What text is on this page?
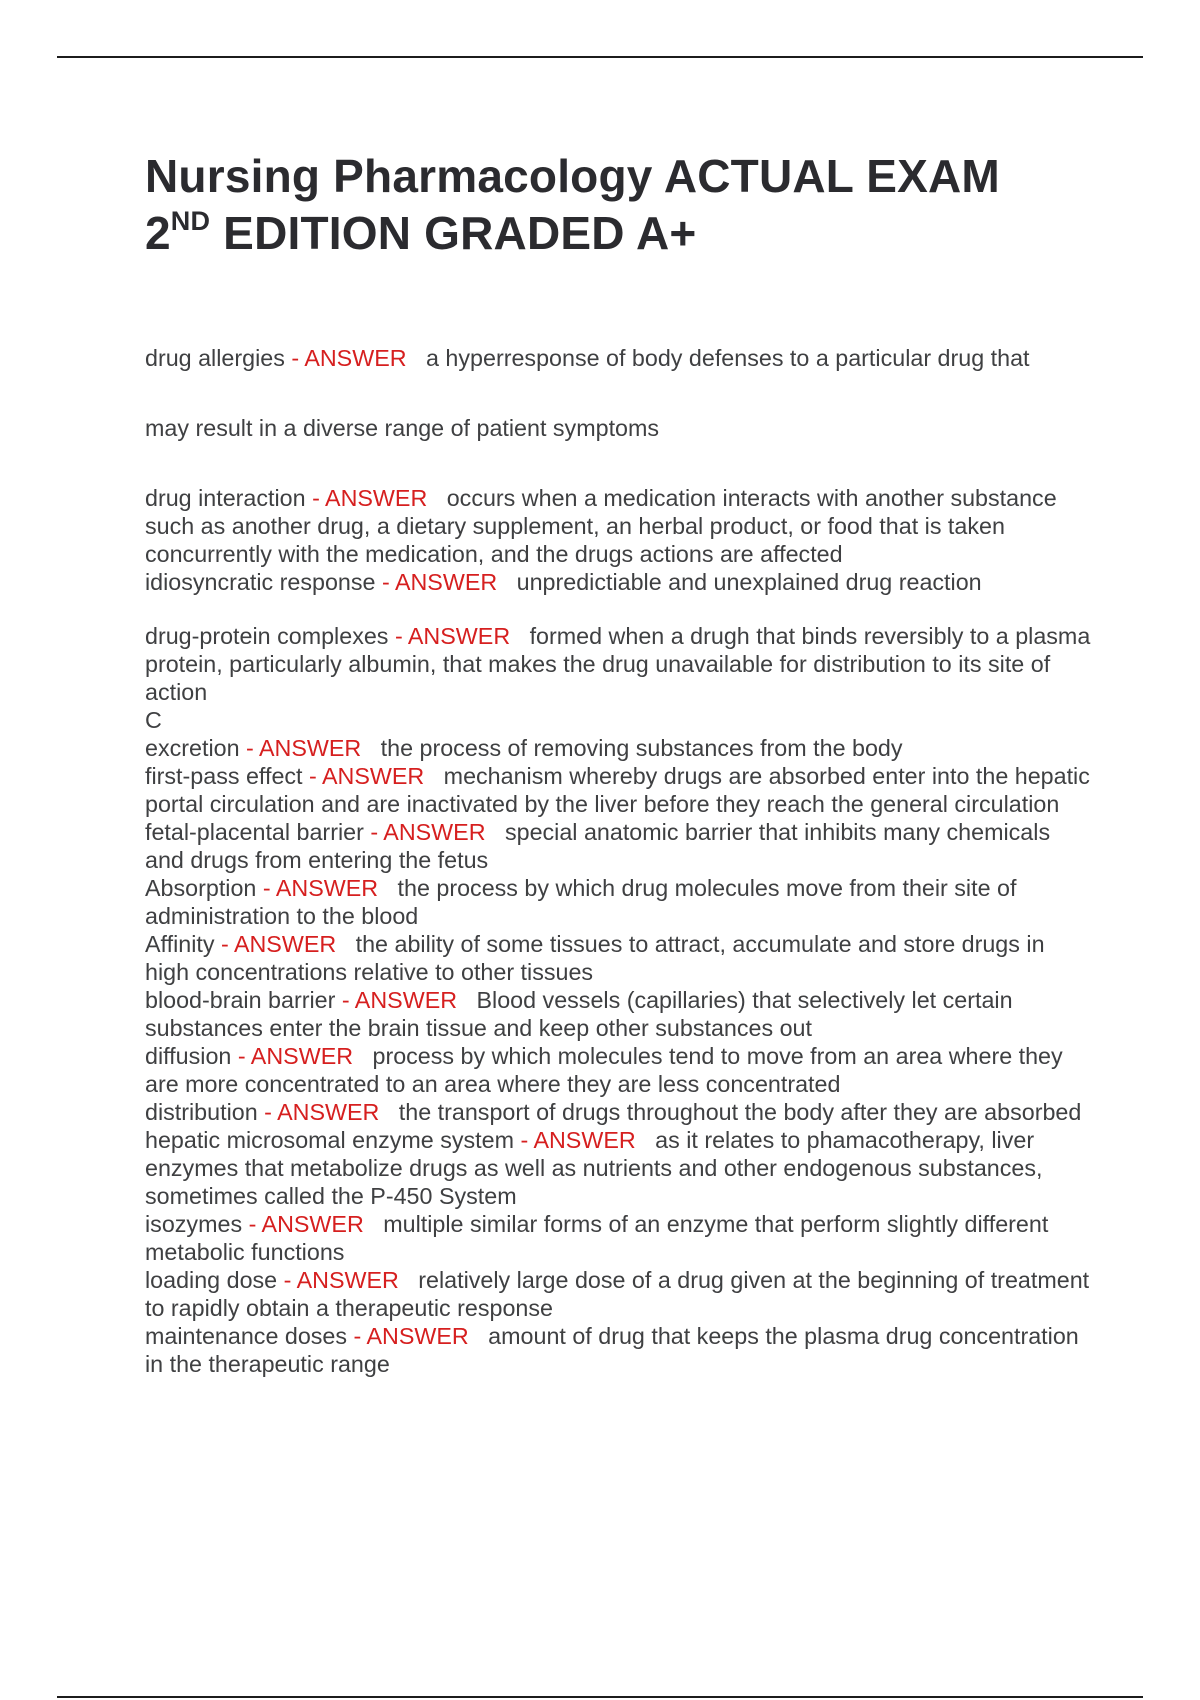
Nursing Pharmacology ACTUAL EXAM
2ND EDITION GRADED A+

drug allergies - ANSWER a hyperresponse of body defenses to a particular drug that

may result in a diverse range of patient symptoms

drug interaction - ANSWER occurs when a medication interacts with another substance such as another drug, a dietary supplement, an herbal product, or food that is taken concurrently with the medication, and the drugs actions are affected

idiosyncratic response - ANSWER unpredictiable and unexplained drug reaction

drug-protein complexes - ANSWER formed when a drugh that binds reversibly to a plasma protein, particularly albumin, that makes the drug unavailable for distribution to its site of action

C

excretion - ANSWER the process of removing substances from the body

first-pass effect - ANSWER mechanism whereby drugs are absorbed enter into the hepatic portal circulation and are inactivated by the liver before they reach the general circulation

fetal-placental barrier - ANSWER special anatomic barrier that inhibits many chemicals and drugs from entering the fetus

Absorption - ANSWER the process by which drug molecules move from their site of administration to the blood

Affinity - ANSWER the ability of some tissues to attract, accumulate and store drugs in high concentrations relative to other tissues

blood-brain barrier - ANSWER Blood vessels (capillaries) that selectively let certain substances enter the brain tissue and keep other substances out

diffusion - ANSWER process by which molecules tend to move from an area where they are more concentrated to an area where they are less concentrated

distribution - ANSWER the transport of drugs throughout the body after they are absorbed

hepatic microsomal enzyme system - ANSWER as it relates to phamacotherapy, liver enzymes that metabolize drugs as well as nutrients and other endogenous substances, sometimes called the P-450 System

isozymes - ANSWER multiple similar forms of an enzyme that perform slightly different metabolic functions

loading dose - ANSWER relatively large dose of a drug given at the beginning of treatment to rapidly obtain a therapeutic response

maintenance doses - ANSWER amount of drug that keeps the plasma drug concentration in the therapeutic range
